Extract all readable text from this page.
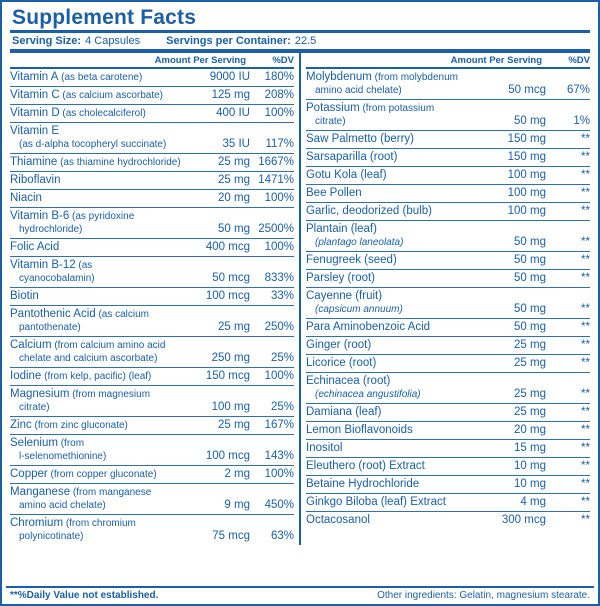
Supplement Facts
Serving Size: 4 Capsules Servings per Container: 22.5
Amount Per Serving	%DV
Vitamin A (as beta carotene)	9000 IU	180%
Vitamin C (as calcium ascorbate)	125 mg	208%
Vitamin D (as cholecalciferol)	400 IU	100%
Vitamin E
(as d-alpha tocopheryl succinate)	35 IU	117%
Thiamine (as thiamine hydrochloride)	25 mg	1667%
Riboflavin	25 mg	1471%
Niacin	20 mg	100%
Vitamin B-6 (as pyridoxine
hydrochloride)	50 mg	2500%
Folic Acid	400 mcg	100%
Vitamin B-12 (as
cyanocobalamin)	50 mcg	833%
Biotin	100 mcg	33%
Pantothenic Acid (as calcium
pantothenate)	25 mg	250%
Calcium (from calcium amino acid
chelate and calcium ascorbate)	250 mg	25%
Iodine (from kelp, pacific) (leaf)	150 mcg	100%
Magnesium (from magnesium
citrate)	100 mg	25%
Zinc (from zinc gluconate)	25 mg	167%
Selenium (from
l-selenomethionine)	100 mcg	143%
Copper (from copper gluconate)	2 mg	100%
Manganese (from manganese
amino acid chelate)	9 mg	450%
Chromium (from chromium
polynicotinate)	75 mcg	63%
Amount Per Serving	%DV
Molybdenum (from molybdenum
amino acid chelate)	50 mcg	67%
Potassium (from potassium
citrate)	50 mg	1%
Saw Palmetto (berry)	150 mg	**
Sarsaparilla (root)	150 mg	**
Gotu Kola (leaf)	100 mg	**
Bee Pollen	100 mg	**
Garlic, deodorized (bulb)	100 mg	**
Plantain (leaf)
(plantago laneolata)	50 mg	**
Fenugreek (seed)	50 mg	**
Parsley (root)	50 mg	**
Cayenne (fruit)
(capsicum annuum)	50 mg	**
Para Aminobenzoic Acid	50 mg	**
Ginger (root)	25 mg	**
Licorice (root)	25 mg	**
Echinacea (root)
(echinacea angustifolia)	25 mg	**
Damiana (leaf)	25 mg	**
Lemon Bioflavonoids	20 mg	**
Inositol	15 mg	**
Eleuthero (root) Extract	10 mg	**
Betaine Hydrochloride	10 mg	**
Ginkgo Biloba (leaf) Extract	4 mg	**
Octacosanol	300 mcg	**
**%Daily Value not established.	Other ingredients: Gelatin, magnesium stearate.
